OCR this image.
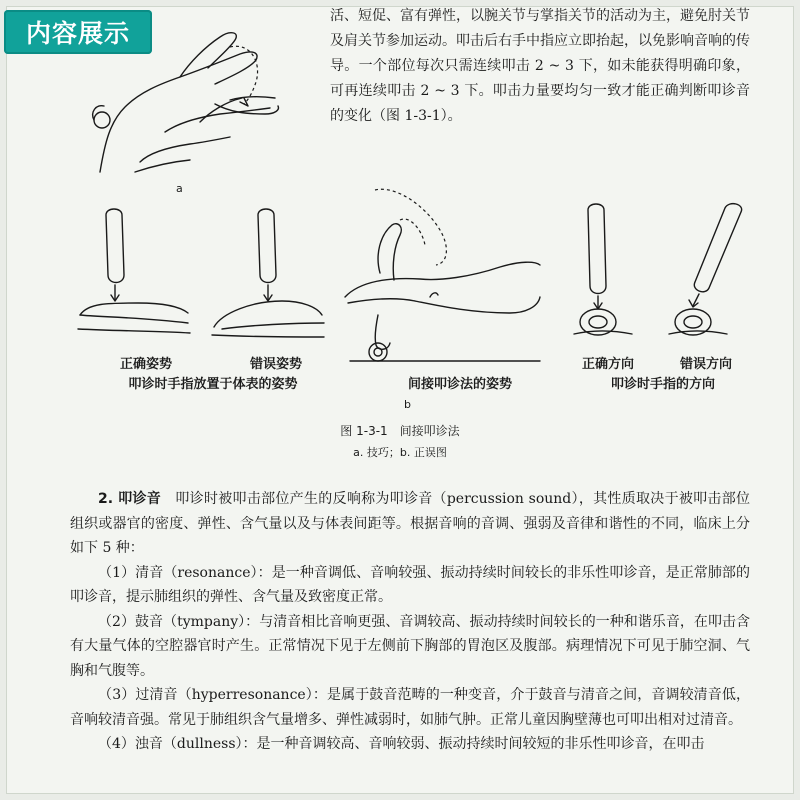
内容展示
活、短促、富有弹性，以腕关节与掌指关节的活动为主，避免肘关节及肩关节参加运动。叩击后右手中指应立即抬起，以免影响音响的传导。一个部位每次只需连续叩击 2 ~ 3 下，如未能获得明确印象，可再连续叩击 2 ~ 3 下。叩击力量要均匀一致才能正确判断叩诊音的变化（图 1-3-1）。
a
正确姿势	错误姿势
叩诊时手指放置于体表的姿势	间接叩诊法的姿势
b
正确方向	错误方向
叩诊时手指的方向
图 1-3-1　间接叩诊法
a. 技巧；b. 正误图

2. 叩诊音 叩诊时被叩击部位产生的反响称为叩诊音（percussion sound），其性质取决于被叩击部位组织或器官的密度、弹性、含气量以及与体表间距等。根据音响的音调、强弱及音律和谐性的不同，临床上分如下 5 种：

（1）清音（resonance）：是一种音调低、音响较强、振动持续时间较长的非乐性叩诊音，是正常肺部的叩诊音，提示肺组织的弹性、含气量及致密度正常。

（2）鼓音（tympany）：与清音相比音响更强、音调较高、振动持续时间较长的一种和谐乐音，在叩击含有大量气体的空腔器官时产生。正常情况下见于左侧前下胸部的胃泡区及腹部。病理情况下可见于肺空洞、气胸和气腹等。

（3）过清音（hyperresonance）：是属于鼓音范畴的一种变音，介于鼓音与清音之间，音调较清音低，音响较清音强。常见于肺组织含气量增多、弹性减弱时，如肺气肿。正常儿童因胸壁薄也可叩出相对过清音。

（4）浊音（dullness）：是一种音调较高、音响较弱、振动持续时间较短的非乐性叩诊音，在叩击
